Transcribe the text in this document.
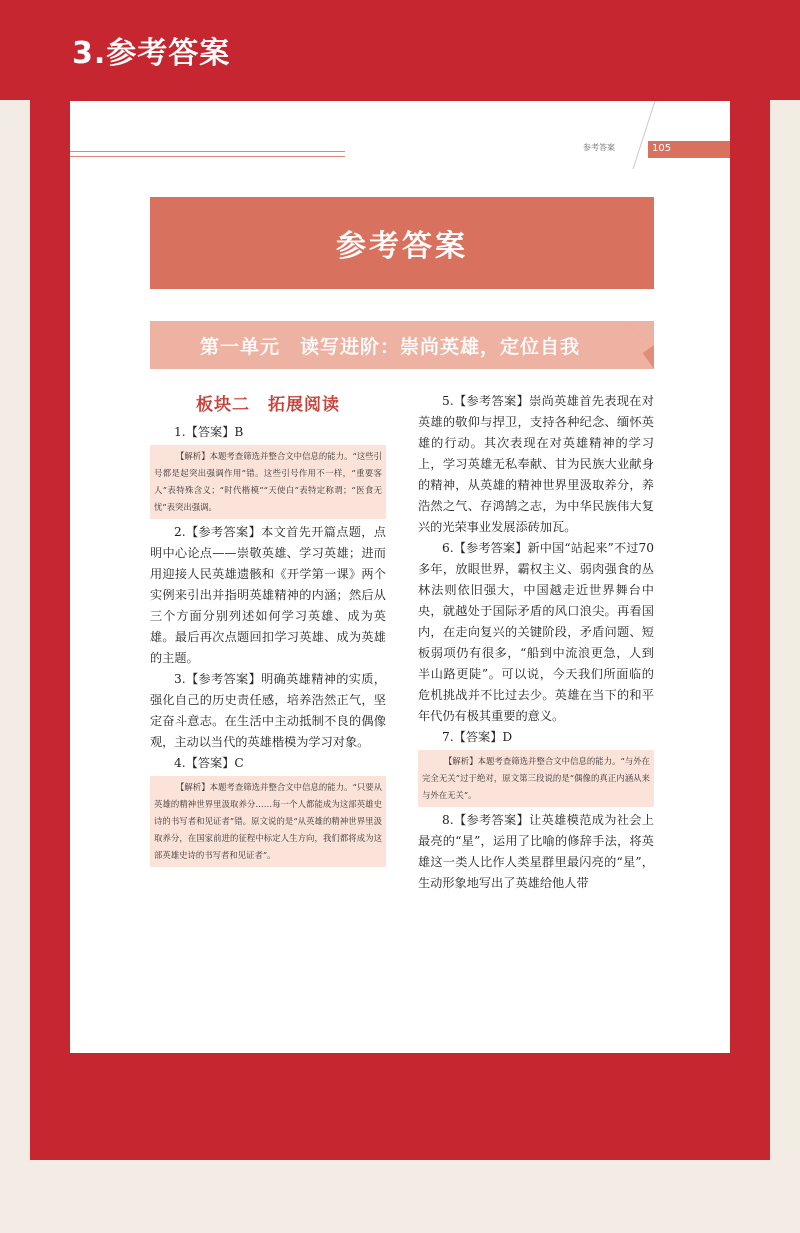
3.参考答案
参考答案	105
参考答案
第一单元　读写进阶：崇尚英雄，定位自我
板块二　拓展阅读

1.【答案】B

【解析】本题考查筛选并整合文中信息的能力。“这些引号都是起突出强调作用”错。这些引号作用不一样，“重要客人”表特殊含义；“时代楷模”“天使白”表特定称谓；“医食无忧”表突出强调。

2.【参考答案】本文首先开篇点题，点明中心论点——崇敬英雄、学习英雄；进而用迎接人民英雄遗骸和《开学第一课》两个实例来引出并指明英雄精神的内涵；然后从三个方面分别列述如何学习英雄、成为英雄。最后再次点题回扣学习英雄、成为英雄的主题。

3.【参考答案】明确英雄精神的实质，强化自己的历史责任感，培养浩然正气，坚定奋斗意志。在生活中主动抵制不良的偶像观，主动以当代的英雄楷模为学习对象。

4.【答案】C

【解析】本题考查筛选并整合文中信息的能力。“只要从英雄的精神世界里汲取养分……每一个人都能成为这部英雄史诗的书写者和见证者”错。原文说的是“从英雄的精神世界里汲取养分，在国家前进的征程中标定人生方向，我们都将成为这部英雄史诗的书写者和见证者”。

5.【参考答案】崇尚英雄首先表现在对英雄的敬仰与捍卫，支持各种纪念、缅怀英雄的行动。其次表现在对英雄精神的学习上，学习英雄无私奉献、甘为民族大业献身的精神，从英雄的精神世界里汲取养分，养浩然之气、存鸿鹄之志，为中华民族伟大复兴的光荣事业发展添砖加瓦。

6.【参考答案】新中国“站起来”不过70多年，放眼世界，霸权主义、弱肉强食的丛林法则依旧强大，中国越走近世界舞台中央，就越处于国际矛盾的风口浪尖。再看国内，在走向复兴的关键阶段，矛盾问题、短板弱项仍有很多，“船到中流浪更急，人到半山路更陡”。可以说，今天我们所面临的危机挑战并不比过去少。英雄在当下的和平年代仍有极其重要的意义。

7.【答案】D

【解析】本题考查筛选并整合文中信息的能力。“与外在完全无关”过于绝对，原文第三段说的是“偶像的真正内涵从来与外在无关”。

8.【参考答案】让英雄模范成为社会上最亮的“星”，运用了比喻的修辞手法，将英雄这一类人比作人类星群里最闪亮的“星”，生动形象地写出了英雄给他人带
